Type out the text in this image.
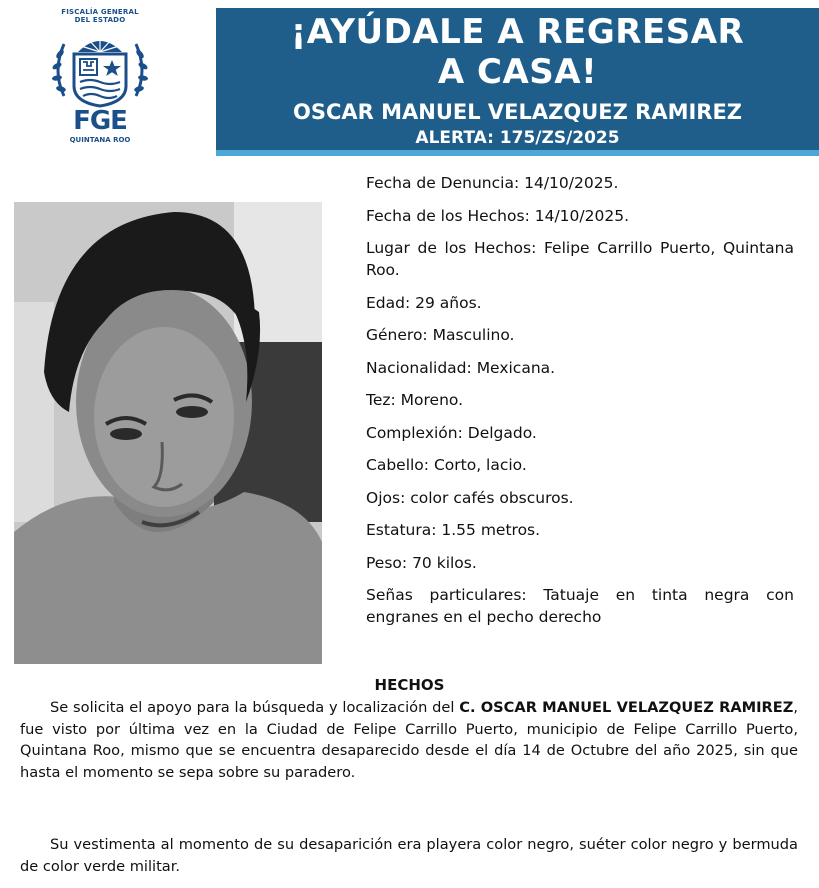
FISCALÍA GENERAL
DEL ESTADO
FGE
QUINTANA ROO
¡AYÚDALE A REGRESAR
A CASA!
OSCAR MANUEL VELAZQUEZ RAMIREZ
ALERTA: 175/ZS/2025
Fecha de Denuncia: 14/10/2025.
Fecha de los Hechos: 14/10/2025.
Lugar de los Hechos: Felipe Carrillo Puerto, Quintana Roo.
Edad: 29 años.
Género: Masculino.
Nacionalidad: Mexicana.
Tez: Moreno.
Complexión: Delgado.
Cabello: Corto, lacio.
Ojos: color cafés obscuros.
Estatura: 1.55 metros.
Peso: 70 kilos.
Señas particulares: Tatuaje en tinta negra con engranes en el pecho derecho
HECHOS
Se solicita el apoyo para la búsqueda y localización del C. OSCAR MANUEL VELAZQUEZ RAMIREZ, fue visto por última vez en la Ciudad de Felipe Carrillo Puerto, municipio de Felipe Carrillo Puerto, Quintana Roo, mismo que se encuentra desaparecido desde el día 14 de Octubre del año 2025, sin que hasta el momento se sepa sobre su paradero.
Su vestimenta al momento de su desaparición era playera color negro, suéter color negro y bermuda de color verde militar.
